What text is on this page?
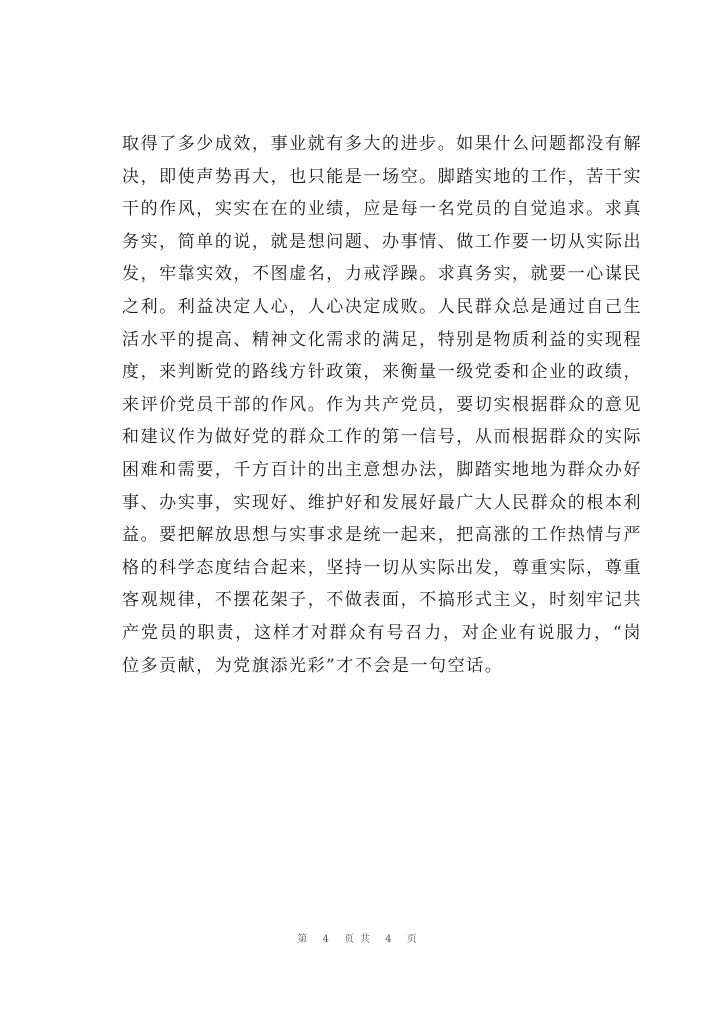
取得了多少成效，事业就有多大的进步。如果什么问题都没有解
决，即使声势再大，也只能是一场空。脚踏实地的工作，苦干实
干的作风，实实在在的业绩，应是每一名党员的自觉追求。求真
务实，简单的说，就是想问题、办事情、做工作要一切从实际出
发，牢靠实效，不图虚名，力戒浮躁。求真务实，就要一心谋民
之利。利益决定人心，人心决定成败。人民群众总是通过自己生
活水平的提高、精神文化需求的满足，特别是物质利益的实现程
度，来判断党的路线方针政策，来衡量一级党委和企业的政绩，
来评价党员干部的作风。作为共产党员，要切实根据群众的意见
和建议作为做好党的群众工作的第一信号，从而根据群众的实际
困难和需要，千方百计的出主意想办法，脚踏实地地为群众办好
事、办实事，实现好、维护好和发展好最广大人民群众的根本利
益。要把解放思想与实事求是统一起来，把高涨的工作热情与严
格的科学态度结合起来，坚持一切从实际出发，尊重实际，尊重
客观规律，不摆花架子，不做表面，不搞形式主义，时刻牢记共
产党员的职责，这样才对群众有号召力，对企业有说服力，“岗
位多贡献，为党旗添光彩”才不会是一句空话。
第 4 页共 4 页
